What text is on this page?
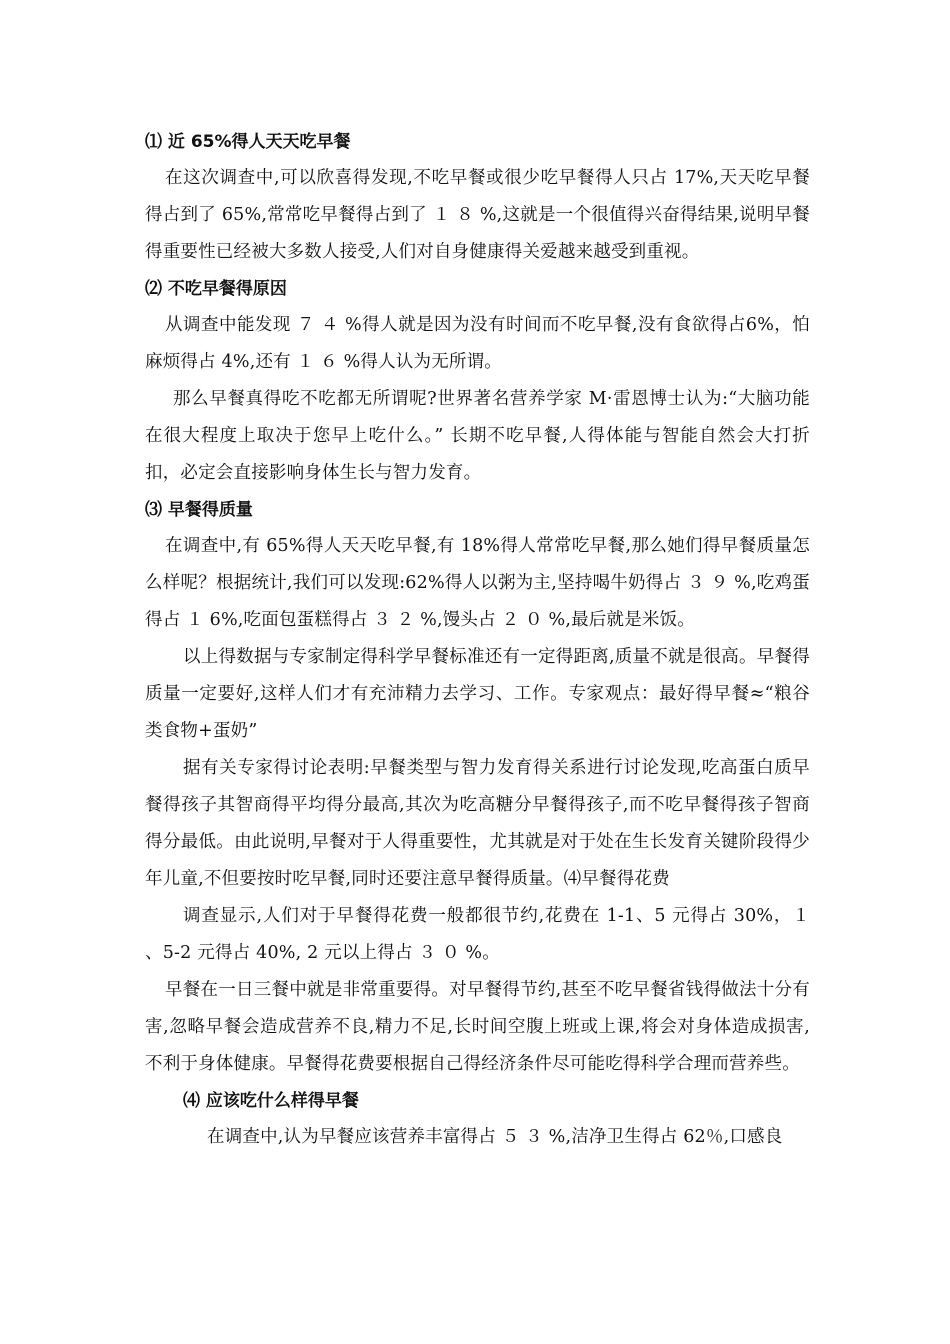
⑴ 近 65%得人天天吃早餐

在这次调查中,可以欣喜得发现,不吃早餐或很少吃早餐得人只占 17%,天天吃早餐得占到了 65%,常常吃早餐得占到了 １ ８ %,这就是一个很值得兴奋得结果,说明早餐得重要性已经被大多数人接受,人们对自身健康得关爱越来越受到重视。

⑵ 不吃早餐得原因

从调查中能发现 ７ ４ %得人就是因为没有时间而不吃早餐,没有食欲得占6%，怕麻烦得占 4%,还有 １ ６ %得人认为无所谓。

那么早餐真得吃不吃都无所谓呢?世界著名营养学家 M·雷恩博士认为:“大脑功能在很大程度上取决于您早上吃什么。” 长期不吃早餐,人得体能与智能自然会大打折扣，必定会直接影响身体生长与智力发育。

⑶ 早餐得质量

在调查中,有 65%得人天天吃早餐,有 18%得人常常吃早餐,那么她们得早餐质量怎么样呢？根据统计,我们可以发现:62%得人以粥为主,坚持喝牛奶得占 ３ ９ %,吃鸡蛋得占 １ 6%,吃面包蛋糕得占 ３ ２ %,馒头占 ２ ０ %,最后就是米饭。

以上得数据与专家制定得科学早餐标准还有一定得距离,质量不就是很高。早餐得质量一定要好,这样人们才有充沛精力去学习、工作。专家观点：最好得早餐≈“粮谷类食物+蛋奶”

据有关专家得讨论表明:早餐类型与智力发育得关系进行讨论发现,吃高蛋白质早餐得孩子其智商得平均得分最高,其次为吃高糖分早餐得孩子,而不吃早餐得孩子智商得分最低。由此说明,早餐对于人得重要性，尤其就是对于处在生长发育关键阶段得少年儿童,不但要按时吃早餐,同时还要注意早餐得质量。⑷早餐得花费

调查显示,人们对于早餐得花费一般都很节约,花费在 1-1、5 元得占 30%，１ 、5-2 元得占 40%, 2 元以上得占 ３ ０ %。

早餐在一日三餐中就是非常重要得。对早餐得节约,甚至不吃早餐省钱得做法十分有害,忽略早餐会造成营养不良,精力不足,长时间空腹上班或上课,将会对身体造成损害,不利于身体健康。早餐得花费要根据自己得经济条件尽可能吃得科学合理而营养些。

⑷ 应该吃什么样得早餐

在调查中,认为早餐应该营养丰富得占 ５ ３ %,洁净卫生得占 62％,口感良
